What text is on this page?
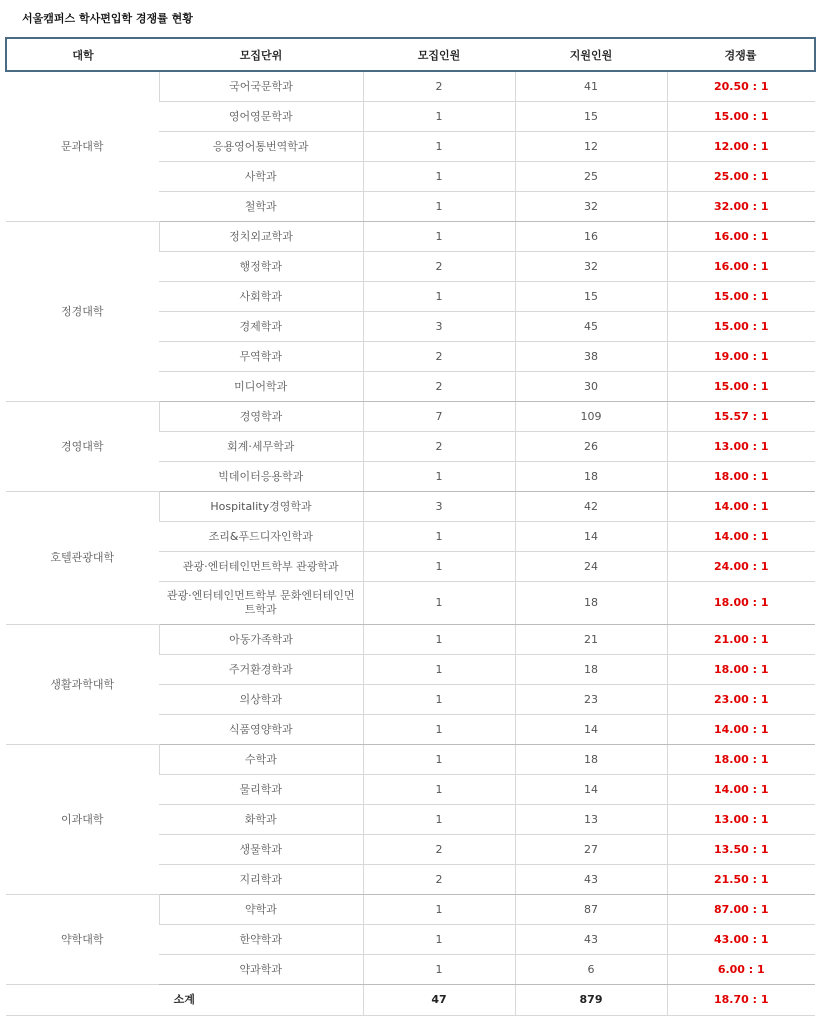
서울캠퍼스 학사편입학 경쟁률 현황
대학	모집단위	모집인원	지원인원	경쟁률
문과대학	국어국문학과	2	41	20.50 : 1
	영어영문학과	1	15	15.00 : 1
	응용영어통번역학과	1	12	12.00 : 1
	사학과	1	25	25.00 : 1
	철학과	1	32	32.00 : 1
정경대학	정치외교학과	1	16	16.00 : 1
	행정학과	2	32	16.00 : 1
	사회학과	1	15	15.00 : 1
	경제학과	3	45	15.00 : 1
	무역학과	2	38	19.00 : 1
	미디어학과	2	30	15.00 : 1
경영대학	경영학과	7	109	15.57 : 1
	회계·세무학과	2	26	13.00 : 1
	빅데이터응용학과	1	18	18.00 : 1
호텔관광대학	Hospitality경영학과	3	42	14.00 : 1
	조리&푸드디자인학과	1	14	14.00 : 1
	관광·엔터테인먼트학부 관광학과	1	24	24.00 : 1
	관광·엔터테인먼트학부 문화엔터테인먼트학과	1	18	18.00 : 1
생활과학대학	아동가족학과	1	21	21.00 : 1
	주거환경학과	1	18	18.00 : 1
	의상학과	1	23	23.00 : 1
	식품영양학과	1	14	14.00 : 1
이과대학	수학과	1	18	18.00 : 1
	물리학과	1	14	14.00 : 1
	화학과	1	13	13.00 : 1
	생물학과	2	27	13.50 : 1
	지리학과	2	43	21.50 : 1
약학대학	약학과	1	87	87.00 : 1
	한약학과	1	43	43.00 : 1
	약과학과	1	6	6.00 : 1
소계		47	879	18.70 : 1
